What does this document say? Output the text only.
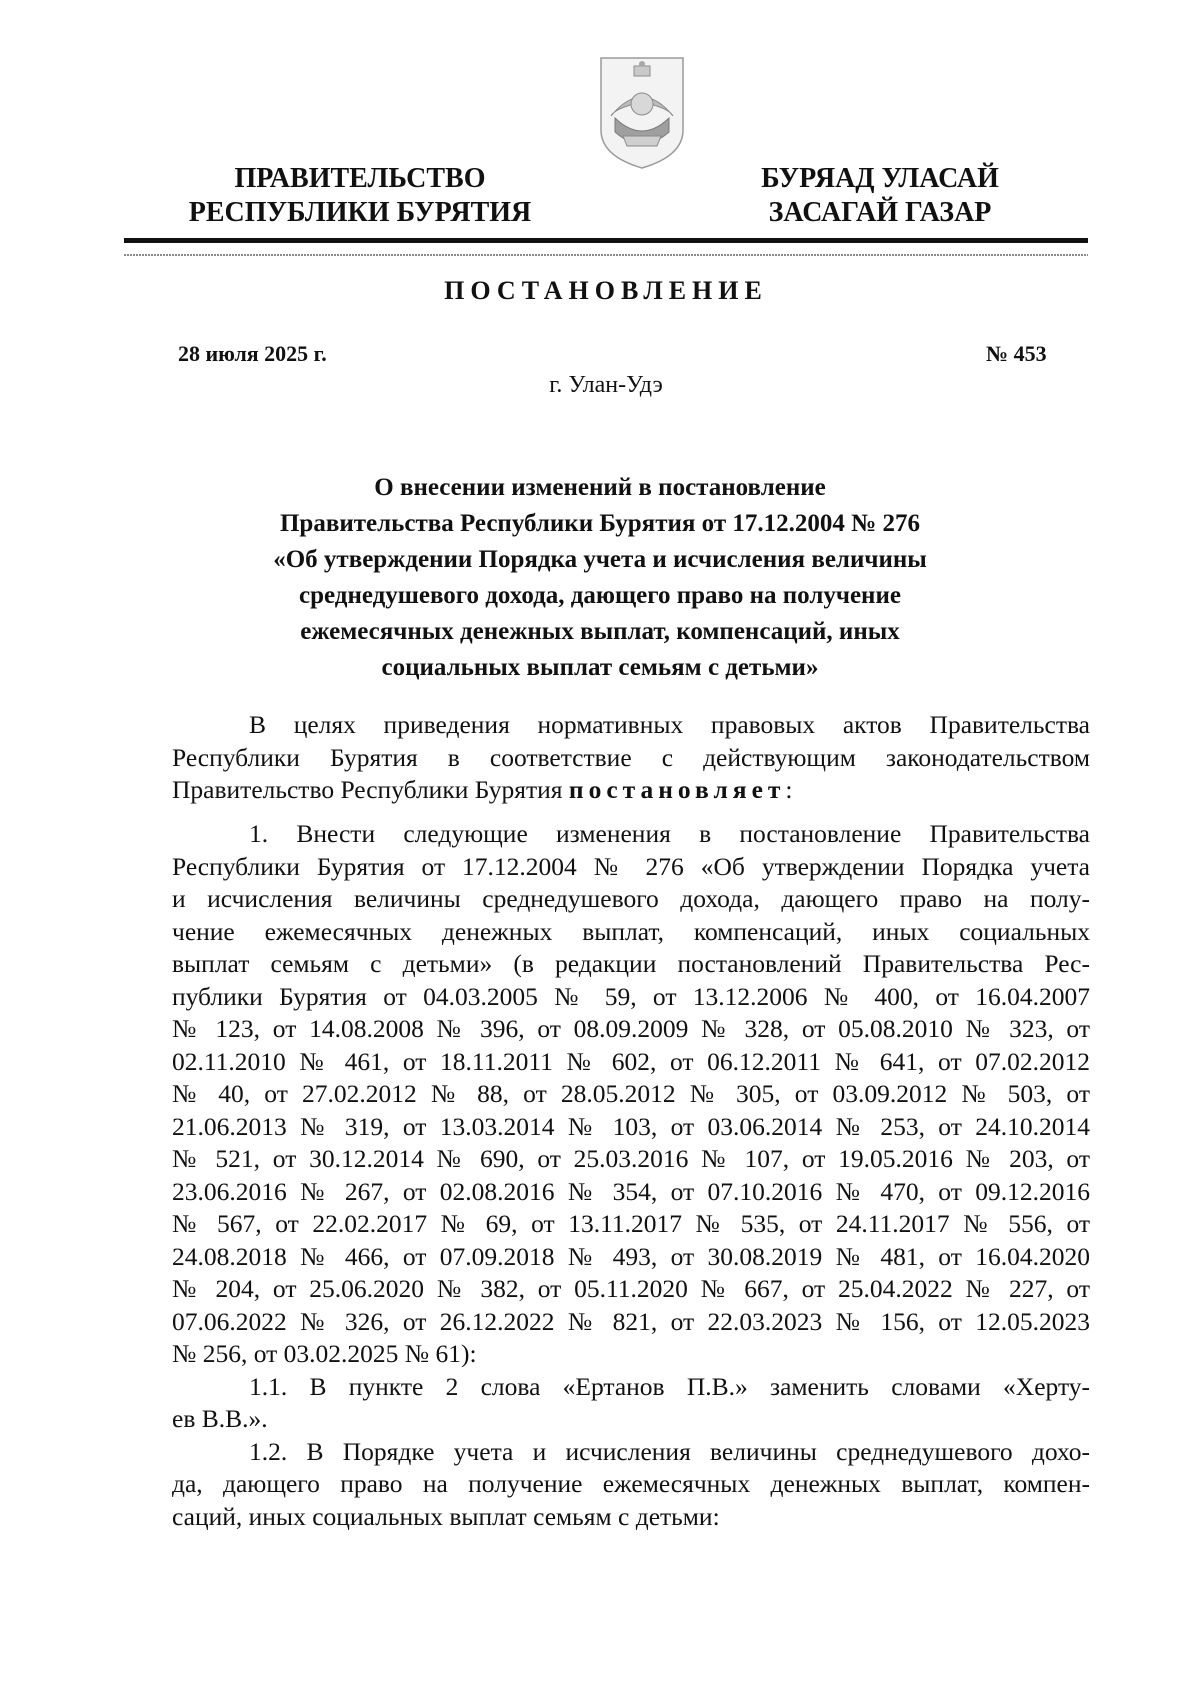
ПРАВИТЕЛЬСТВО
РЕСПУБЛИКИ БУРЯТИЯ
БУРЯАД УЛАСАЙ
ЗАСАГАЙ ГАЗАР
ПОСТАНОВЛЕНИЕ
28 июля 2025 г.	№ 453
г. Улан-Удэ
О внесении изменений в постановление
Правительства Республики Бурятия от 17.12.2004 № 276
«Об утверждении Порядка учета и исчисления величины
среднедушевого дохода, дающего право на получение
ежемесячных денежных выплат, компенсаций, иных
социальных выплат семьям с детьми»
В целях приведения нормативных правовых актов Правительства
Республики Бурятия в соответствие с действующим законодательством
Правительство Республики Бурятия постановляет:
1. Внести следующие изменения в постановление Правительства
Республики Бурятия от 17.12.2004 № 276 «Об утверждении Порядка учета
и исчисления величины среднедушевого дохода, дающего право на полу-
чение ежемесячных денежных выплат, компенсаций, иных социальных
выплат семьям с детьми» (в редакции постановлений Правительства Рес-
публики Бурятия от 04.03.2005 № 59, от 13.12.2006 № 400, от 16.04.2007
№ 123, от 14.08.2008 № 396, от 08.09.2009 № 328, от 05.08.2010 № 323, от
02.11.2010 № 461, от 18.11.2011 № 602, от 06.12.2011 № 641, от 07.02.2012
№ 40, от 27.02.2012 № 88, от 28.05.2012 № 305, от 03.09.2012 № 503, от
21.06.2013 № 319, от 13.03.2014 № 103, от 03.06.2014 № 253, от 24.10.2014
№ 521, от 30.12.2014 № 690, от 25.03.2016 № 107, от 19.05.2016 № 203, от
23.06.2016 № 267, от 02.08.2016 № 354, от 07.10.2016 № 470, от 09.12.2016
№ 567, от 22.02.2017 № 69, от 13.11.2017 № 535, от 24.11.2017 № 556, от
24.08.2018 № 466, от 07.09.2018 № 493, от 30.08.2019 № 481, от 16.04.2020
№ 204, от 25.06.2020 № 382, от 05.11.2020 № 667, от 25.04.2022 № 227, от
07.06.2022 № 326, от 26.12.2022 № 821, от 22.03.2023 № 156, от 12.05.2023
№ 256, от 03.02.2025 № 61):
1.1. В пункте 2 слова «Ертанов П.В.» заменить словами «Херту-
ев В.В.».
1.2. В Порядке учета и исчисления величины среднедушевого дохо-
да, дающего право на получение ежемесячных денежных выплат, компен-
саций, иных социальных выплат семьям с детьми:
